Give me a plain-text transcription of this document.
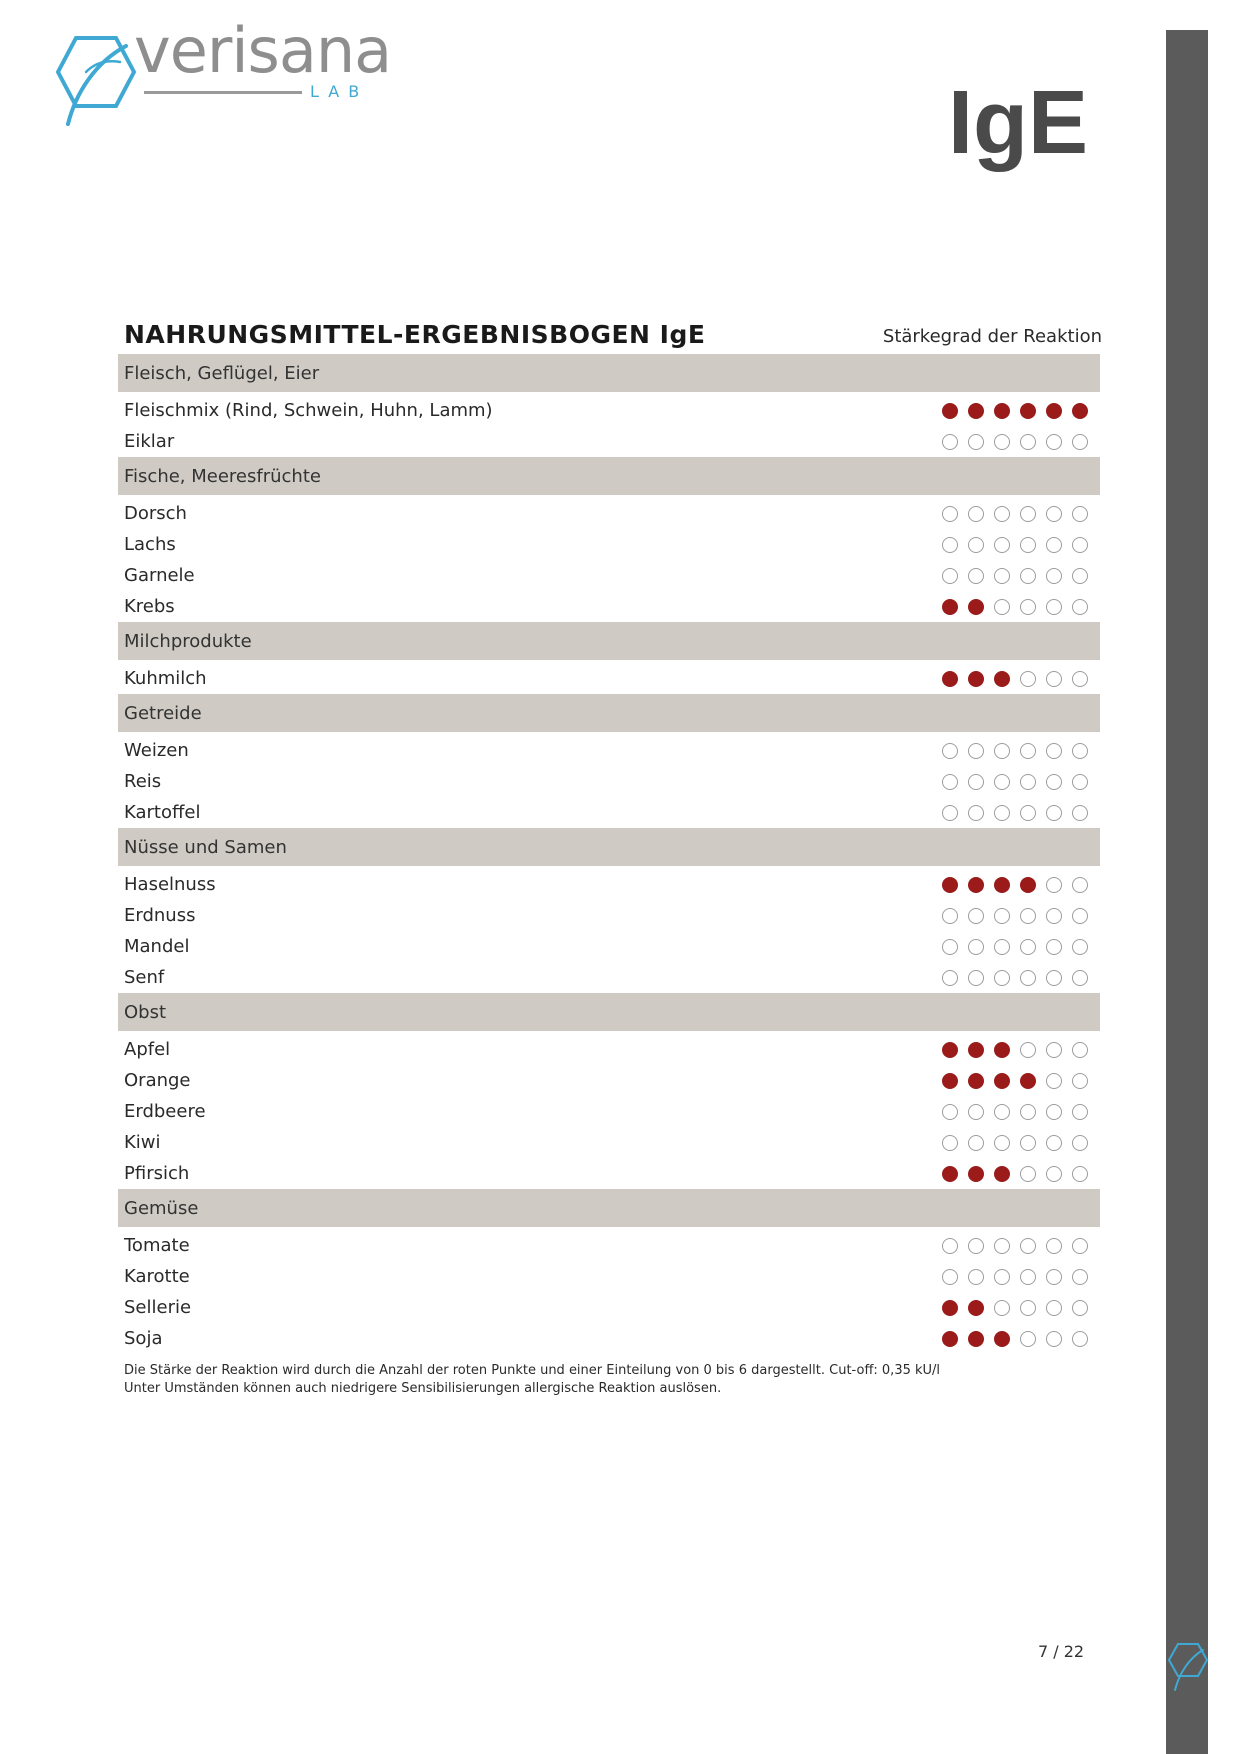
verisana
LAB	IgE
NAHRUNGSMITTEL-ERGEBNISBOGEN IgE	Stärkegrad der Reaktion
Fleisch, Geflügel, Eier
Fleischmix (Rind, Schwein, Huhn, Lamm)
Eiklar
Fische, Meeresfrüchte
Dorsch
Lachs
Garnele
Krebs
Milchprodukte
Kuhmilch
Getreide
Weizen
Reis
Kartoffel
Nüsse und Samen
Haselnuss
Erdnuss
Mandel
Senf
Obst
Apfel
Orange
Erdbeere
Kiwi
Pfirsich
Gemüse
Tomate
Karotte
Sellerie
Soja
Die Stärke der Reaktion wird durch die Anzahl der roten Punkte und einer Einteilung von 0 bis 6 dargestellt. Cut-off: 0,35 kU/l
Unter Umständen können auch niedrigere Sensibilisierungen allergische Reaktion auslösen.
7 / 22
